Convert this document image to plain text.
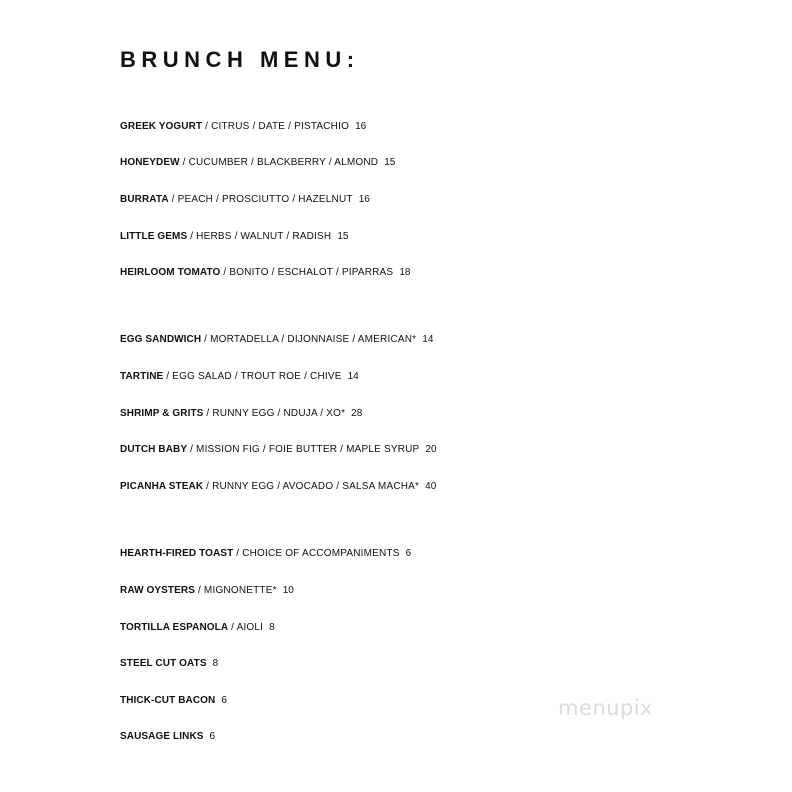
BRUNCH MENU:
GREEK YOGURT / CITRUS / DATE / PISTACHIO 16
HONEYDEW / CUCUMBER / BLACKBERRY / ALMOND 15
BURRATA / PEACH / PROSCIUTTO / HAZELNUT 16
LITTLE GEMS / HERBS / WALNUT / RADISH 15
HEIRLOOM TOMATO / BONITO / ESCHALOT / PIPARRAS 18
EGG SANDWICH / MORTADELLA / DIJONNAISE / AMERICAN* 14
TARTINE / EGG SALAD / TROUT ROE / CHIVE 14
SHRIMP & GRITS / RUNNY EGG / NDUJA / XO* 28
DUTCH BABY / MISSION FIG / FOIE BUTTER / MAPLE SYRUP 20
PICANHA STEAK / RUNNY EGG / AVOCADO / SALSA MACHA* 40
HEARTH-FIRED TOAST / CHOICE OF ACCOMPANIMENTS 6
RAW OYSTERS / MIGNONETTE* 10
TORTILLA ESPANOLA / AIOLI 8
STEEL CUT OATS 8
THICK-CUT BACON 6
SAUSAGE LINKS 6
menupix
